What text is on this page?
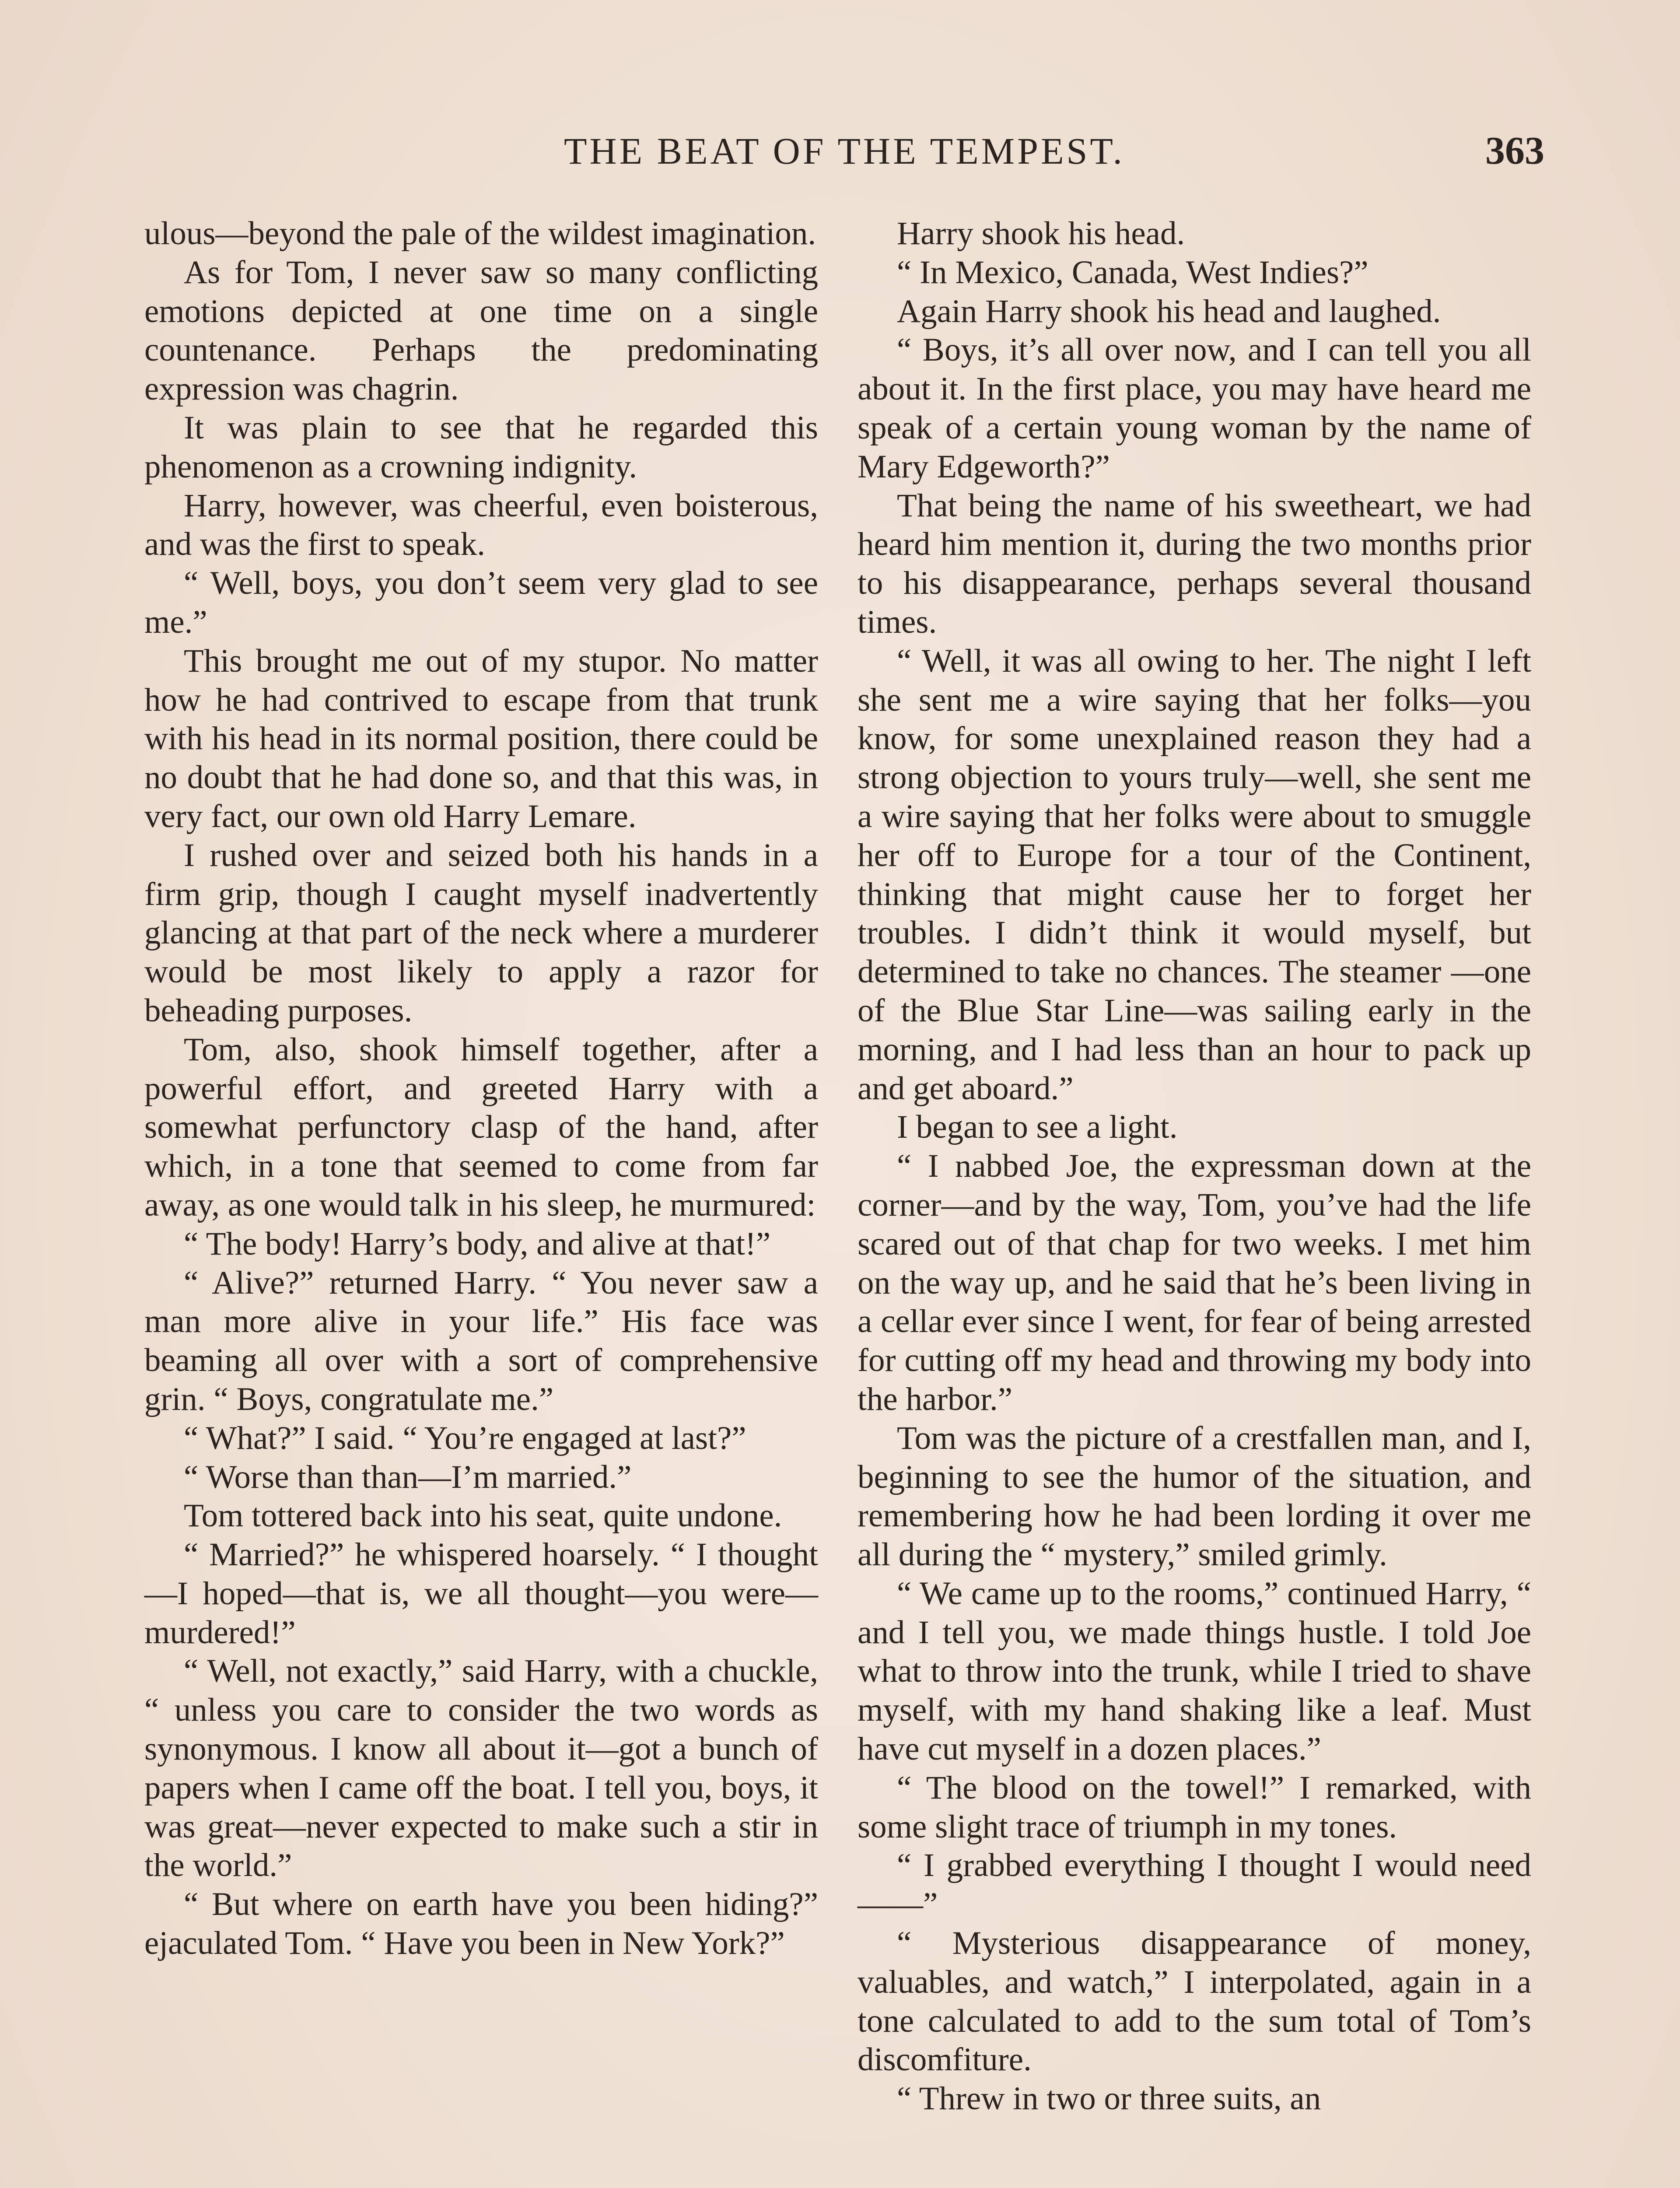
THE BEAT OF THE TEMPEST.	363

ulous—beyond the pale of the wildest imagination.

As for Tom, I never saw so many conflicting emotions depicted at one time on a single countenance. Perhaps the predominating expression was chagrin.

It was plain to see that he regarded this phenomenon as a crowning indignity.

Harry, however, was cheerful, even boisterous, and was the first to speak.

“ Well, boys, you don’t seem very glad to see me.”

This brought me out of my stupor. No matter how he had contrived to escape from that trunk with his head in its normal position, there could be no doubt that he had done so, and that this was, in very fact, our own old Harry Lemare.

I rushed over and seized both his hands in a firm grip, though I caught myself inadvertently glancing at that part of the neck where a murderer would be most likely to apply a razor for beheading purposes.

Tom, also, shook himself together, after a powerful effort, and greeted Harry with a somewhat perfunctory clasp of the hand, after which, in a tone that seemed to come from far away, as one would talk in his sleep, he murmured:

“ The body! Harry’s body, and alive at that!”

“ Alive?” returned Harry. “ You never saw a man more alive in your life.” His face was beaming all over with a sort of comprehensive grin. “ Boys, congratulate me.”

“ What?” I said. “ You’re engaged at last?”

“ Worse than than—I’m married.”

Tom tottered back into his seat, quite undone.

“ Married?” he whispered hoarsely. “ I thought—I hoped—that is, we all thought—you were—murdered!”

“ Well, not exactly,” said Harry, with a chuckle, “ unless you care to consider the two words as synonymous. I know all about it—got a bunch of papers when I came off the boat. I tell you, boys, it was great—never expected to make such a stir in the world.”

“ But where on earth have you been hiding?” ejaculated Tom. “ Have you been in New York?”

Harry shook his head.

“ In Mexico, Canada, West Indies?”

Again Harry shook his head and laughed.

“ Boys, it’s all over now, and I can tell you all about it. In the first place, you may have heard me speak of a certain young woman by the name of Mary Edgeworth?”

That being the name of his sweetheart, we had heard him mention it, during the two months prior to his disappearance, perhaps several thousand times.

“ Well, it was all owing to her. The night I left she sent me a wire saying that her folks—you know, for some unexplained reason they had a strong objection to yours truly—well, she sent me a wire saying that her folks were about to smuggle her off to Europe for a tour of the Continent, thinking that might cause her to forget her troubles. I didn’t think it would myself, but determined to take no chances. The steamer —one of the Blue Star Line—was sailing early in the morning, and I had less than an hour to pack up and get aboard.”

I began to see a light.

“ I nabbed Joe, the expressman down at the corner—and by the way, Tom, you’ve had the life scared out of that chap for two weeks. I met him on the way up, and he said that he’s been living in a cellar ever since I went, for fear of being arrested for cutting off my head and throwing my body into the harbor.”

Tom was the picture of a crestfallen man, and I, beginning to see the humor of the situation, and remembering how he had been lording it over me all during the “ mystery,” smiled grimly.

“ We came up to the rooms,” continued Harry, “ and I tell you, we made things hustle. I told Joe what to throw into the trunk, while I tried to shave myself, with my hand shaking like a leaf. Must have cut myself in a dozen places.”

“ The blood on the towel!” I remarked, with some slight trace of triumph in my tones.

“ I grabbed everything I thought I would need——”

“ Mysterious disappearance of money, valuables, and watch,” I interpolated, again in a tone calculated to add to the sum total of Tom’s discomfiture.

“ Threw in two or three suits, an
